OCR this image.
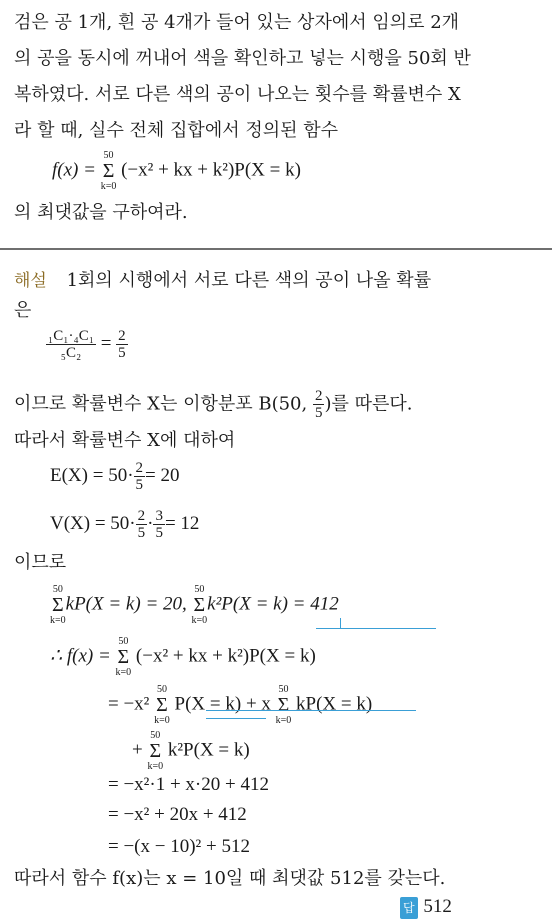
검은 공 1개, 흰 공 4개가 들어 있는 상자에서 임의로 2개
의 공을 동시에 꺼내어 색을 확인하고 넣는 시행을 50회 반
복하였다. 서로 다른 색의 공이 나오는 횟수를 확률변수 X
라 할 때, 실수 전체 집합에서 정의된 함수
f(x) =
50
Σ
k=0
(−x² + kx + k²)P(X = k)
의 최댓값을 구하여라.
해설 1회의 시행에서 서로 다른 색의 공이 나올 확률
은
$\frac{\text{₁C₁·₄C₁}}{\text{₅C₂}} = \frac{2}{5}$
이므로 확률변수 X는 이항분포 B(50, $\frac{2}{5}$ )를 따른다.
따라서 확률변수 X에 대하여
$E(X) = 50\cdot \frac{2}{5} = 20$
$V(X) = 50\cdot \frac{2}{5} \cdot \frac{3}{5} = 12$
이므로
50
Σ
k=0
kP(X = k) = 20,
50
Σ
k=0
k²P(X = k) = 412
∴ f(x) =
50
Σ
k=0
(−x² + kx + k²)P(X = k)
= −x²
50
Σ
k=0
P(X = k) + x
50
Σ
k=0
kP(X = k)
+
50
Σ
k=0
k²P(X = k)
= −x²·1 + x·20 + 412
= −x² + 20x + 412
= −(x − 10)² + 512
따라서 함수 f(x)는 x = 10일 때 최댓값 512를 갖는다.
답 512
